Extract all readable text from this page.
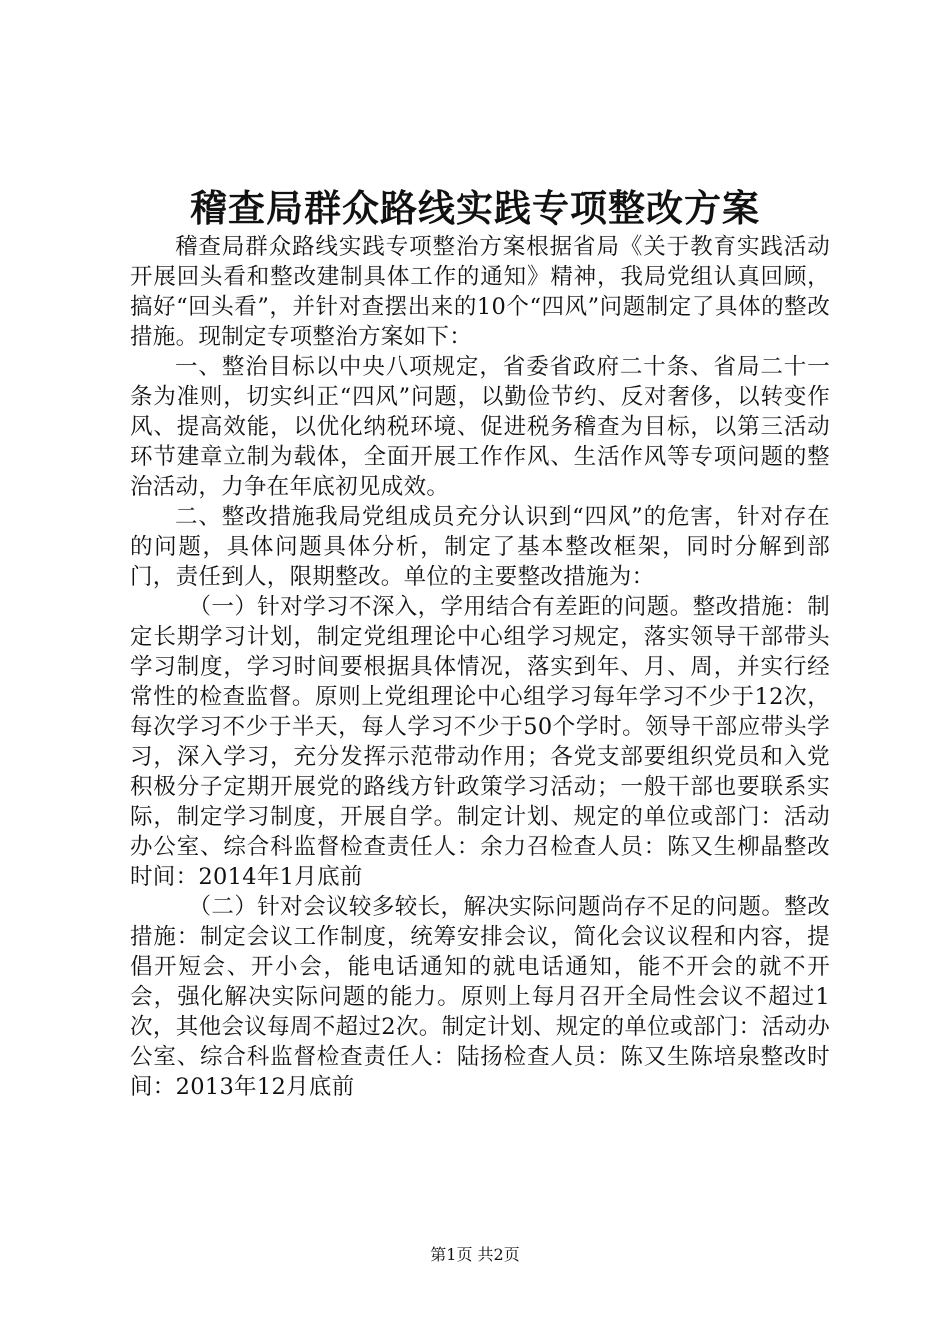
稽查局群众路线实践专项整改方案

稽查局群众路线实践专项整治方案根据省局《关于教育实践活动开展回头看和整改建制具体工作的通知》精神，我局党组认真回顾，搞好“回头看”，并针对查摆出来的10个“四风”问题制定了具体的整改措施。现制定专项整治方案如下：

一、整治目标以中央八项规定，省委省政府二十条、省局二十一条为准则，切实纠正“四风”问题，以勤俭节约、反对奢侈，以转变作风、提高效能，以优化纳税环境、促进税务稽查为目标，以第三活动环节建章立制为载体，全面开展工作作风、生活作风等专项问题的整治活动，力争在年底初见成效。

二、整改措施我局党组成员充分认识到“四风”的危害，针对存在的问题，具体问题具体分析，制定了基本整改框架，同时分解到部门，责任到人，限期整改。单位的主要整改措施为：

（一）针对学习不深入，学用结合有差距的问题。整改措施：制定长期学习计划，制定党组理论中心组学习规定，落实领导干部带头学习制度，学习时间要根据具体情况，落实到年、月、周，并实行经常性的检查监督。原则上党组理论中心组学习每年学习不少于12次，每次学习不少于半天，每人学习不少于50个学时。领导干部应带头学习，深入学习，充分发挥示范带动作用；各党支部要组织党员和入党积极分子定期开展党的路线方针政策学习活动；一般干部也要联系实际，制定学习制度，开展自学。制定计划、规定的单位或部门：活动办公室、综合科监督检查责任人：余力召检查人员：陈又生柳晶整改时间：2014年1月底前

（二）针对会议较多较长，解决实际问题尚存不足的问题。整改措施：制定会议工作制度，统筹安排会议，简化会议议程和内容，提倡开短会、开小会，能电话通知的就电话通知，能不开会的就不开会，强化解决实际问题的能力。原则上每月召开全局性会议不超过1次，其他会议每周不超过2次。制定计划、规定的单位或部门：活动办公室、综合科监督检查责任人：陆扬检查人员：陈又生陈培泉整改时间：2013年12月底前

第1页 共2页
